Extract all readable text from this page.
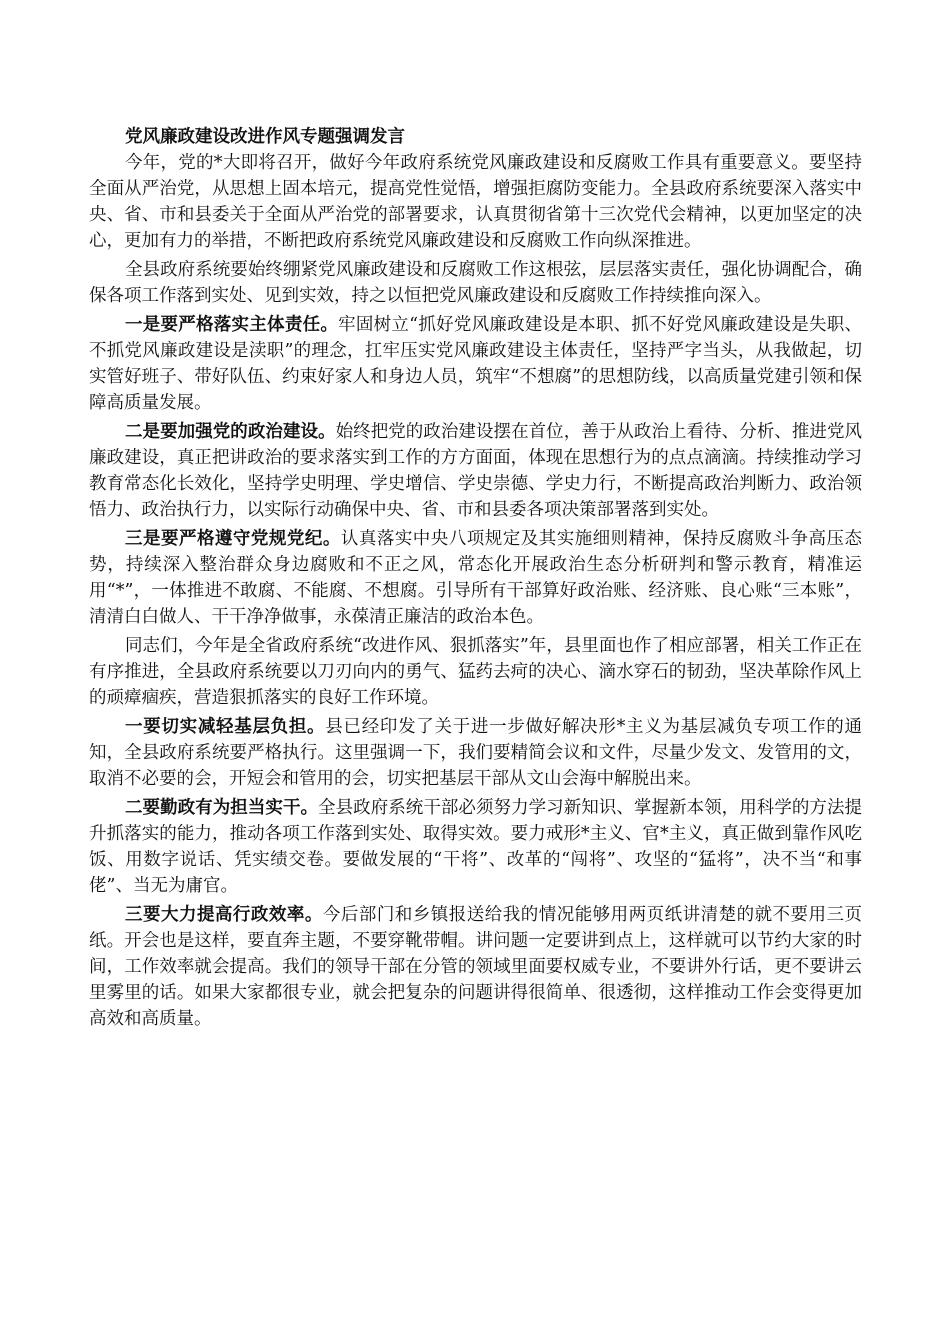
党风廉政建设改进作风专题强调发言

今年，党的*大即将召开，做好今年政府系统党风廉政建设和反腐败工作具有重要意义。要坚持全面从严治党，从思想上固本培元，提高党性觉悟，增强拒腐防变能力。全县政府系统要深入落实中央、省、市和县委关于全面从严治党的部署要求，认真贯彻省第十三次党代会精神，以更加坚定的决心，更加有力的举措，不断把政府系统党风廉政建设和反腐败工作向纵深推进。

全县政府系统要始终绷紧党风廉政建设和反腐败工作这根弦，层层落实责任，强化协调配合，确保各项工作落到实处、见到实效，持之以恒把党风廉政建设和反腐败工作持续推向深入。

一是要严格落实主体责任。牢固树立“抓好党风廉政建设是本职、抓不好党风廉政建设是失职、不抓党风廉政建设是渎职”的理念，扛牢压实党风廉政建设主体责任，坚持严字当头，从我做起，切实管好班子、带好队伍、约束好家人和身边人员，筑牢“不想腐”的思想防线，以高质量党建引领和保障高质量发展。

二是要加强党的政治建设。始终把党的政治建设摆在首位，善于从政治上看待、分析、推进党风廉政建设，真正把讲政治的要求落实到工作的方方面面，体现在思想行为的点点滴滴。持续推动学习教育常态化长效化，坚持学史明理、学史增信、学史崇德、学史力行，不断提高政治判断力、政治领悟力、政治执行力，以实际行动确保中央、省、市和县委各项决策部署落到实处。

三是要严格遵守党规党纪。认真落实中央八项规定及其实施细则精神，保持反腐败斗争高压态势，持续深入整治群众身边腐败和不正之风，常态化开展政治生态分析研判和警示教育，精准运用“*”，一体推进不敢腐、不能腐、不想腐。引导所有干部算好政治账、经济账、良心账“三本账”，清清白白做人、干干净净做事，永葆清正廉洁的政治本色。

同志们，今年是全省政府系统“改进作风、狠抓落实”年，县里面也作了相应部署，相关工作正在有序推进，全县政府系统要以刀刃向内的勇气、猛药去疴的决心、滴水穿石的韧劲，坚决革除作风上的顽瘴痼疾，营造狠抓落实的良好工作环境。

一要切实减轻基层负担。县已经印发了关于进一步做好解决形*主义为基层减负专项工作的通知，全县政府系统要严格执行。这里强调一下，我们要精简会议和文件，尽量少发文、发管用的文，取消不必要的会，开短会和管用的会，切实把基层干部从文山会海中解脱出来。

二要勤政有为担当实干。全县政府系统干部必须努力学习新知识、掌握新本领，用科学的方法提升抓落实的能力，推动各项工作落到实处、取得实效。要力戒形*主义、官*主义，真正做到靠作风吃饭、用数字说话、凭实绩交卷。要做发展的“干将”、改革的“闯将”、攻坚的“猛将”，决不当“和事佬”、当无为庸官。

三要大力提高行政效率。今后部门和乡镇报送给我的情况能够用两页纸讲清楚的就不要用三页纸。开会也是这样，要直奔主题，不要穿靴带帽。讲问题一定要讲到点上，这样就可以节约大家的时间，工作效率就会提高。我们的领导干部在分管的领域里面要权威专业，不要讲外行话，更不要讲云里雾里的话。如果大家都很专业，就会把复杂的问题讲得很简单、很透彻，这样推动工作会变得更加高效和高质量。
